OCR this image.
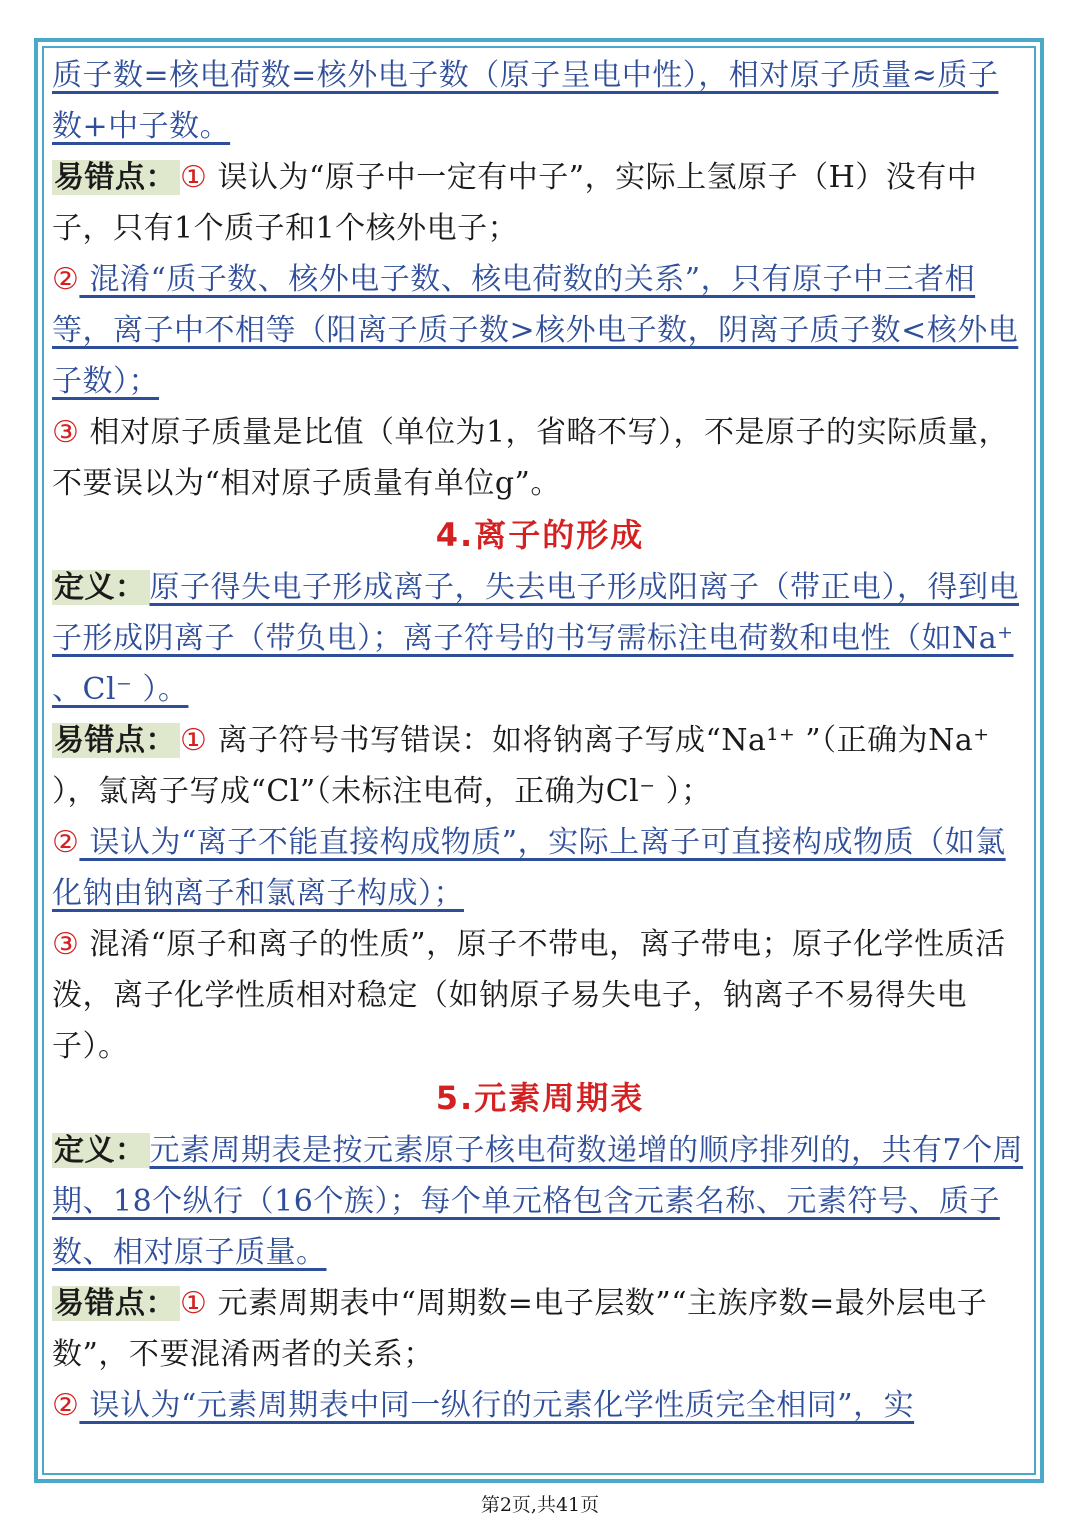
质子数=核电荷数=核外电子数（原子呈电中性），相对原子质量≈质子数+中子数。

易错点： ① 误认为“原子中一定有中子”，实际上氢原子（H）没有中子，只有1个质子和1个核外电子；

② 混淆“质子数、核外电子数、核电荷数的关系”，只有原子中三者相等，离子中不相等（阳离子质子数>核外电子数，阴离子质子数<核外电子数）；

③ 相对原子质量是比值（单位为1，省略不写），不是原子的实际质量，不要误以为“相对原子质量有单位g”。

4.离子的形成

定义： 原子得失电子形成离子，失去电子形成阳离子（带正电），得到电子形成阴离子（带负电）；离子符号的书写需标注电荷数和电性（如Na⁺ 、Cl⁻ ）。

易错点： ① 离子符号书写错误：如将钠离子写成“Na¹⁺ ”（正确为Na⁺ ），氯离子写成“Cl”（未标注电荷，正确为Cl⁻ ）；

② 误认为“离子不能直接构成物质”，实际上离子可直接构成物质（如氯化钠由钠离子和氯离子构成）；

③ 混淆“原子和离子的性质”，原子不带电，离子带电；原子化学性质活泼，离子化学性质相对稳定（如钠原子易失电子，钠离子不易得失电子）。

5.元素周期表

定义： 元素周期表是按元素原子核电荷数递增的顺序排列的，共有7个周期、18个纵行（16个族）；每个单元格包含元素名称、元素符号、质子数、相对原子质量。

易错点： ① 元素周期表中“周期数=电子层数”“主族序数=最外层电子数”，不要混淆两者的关系；

② 误认为“元素周期表中同一纵行的元素化学性质完全相同”，实

第2页,共41页
